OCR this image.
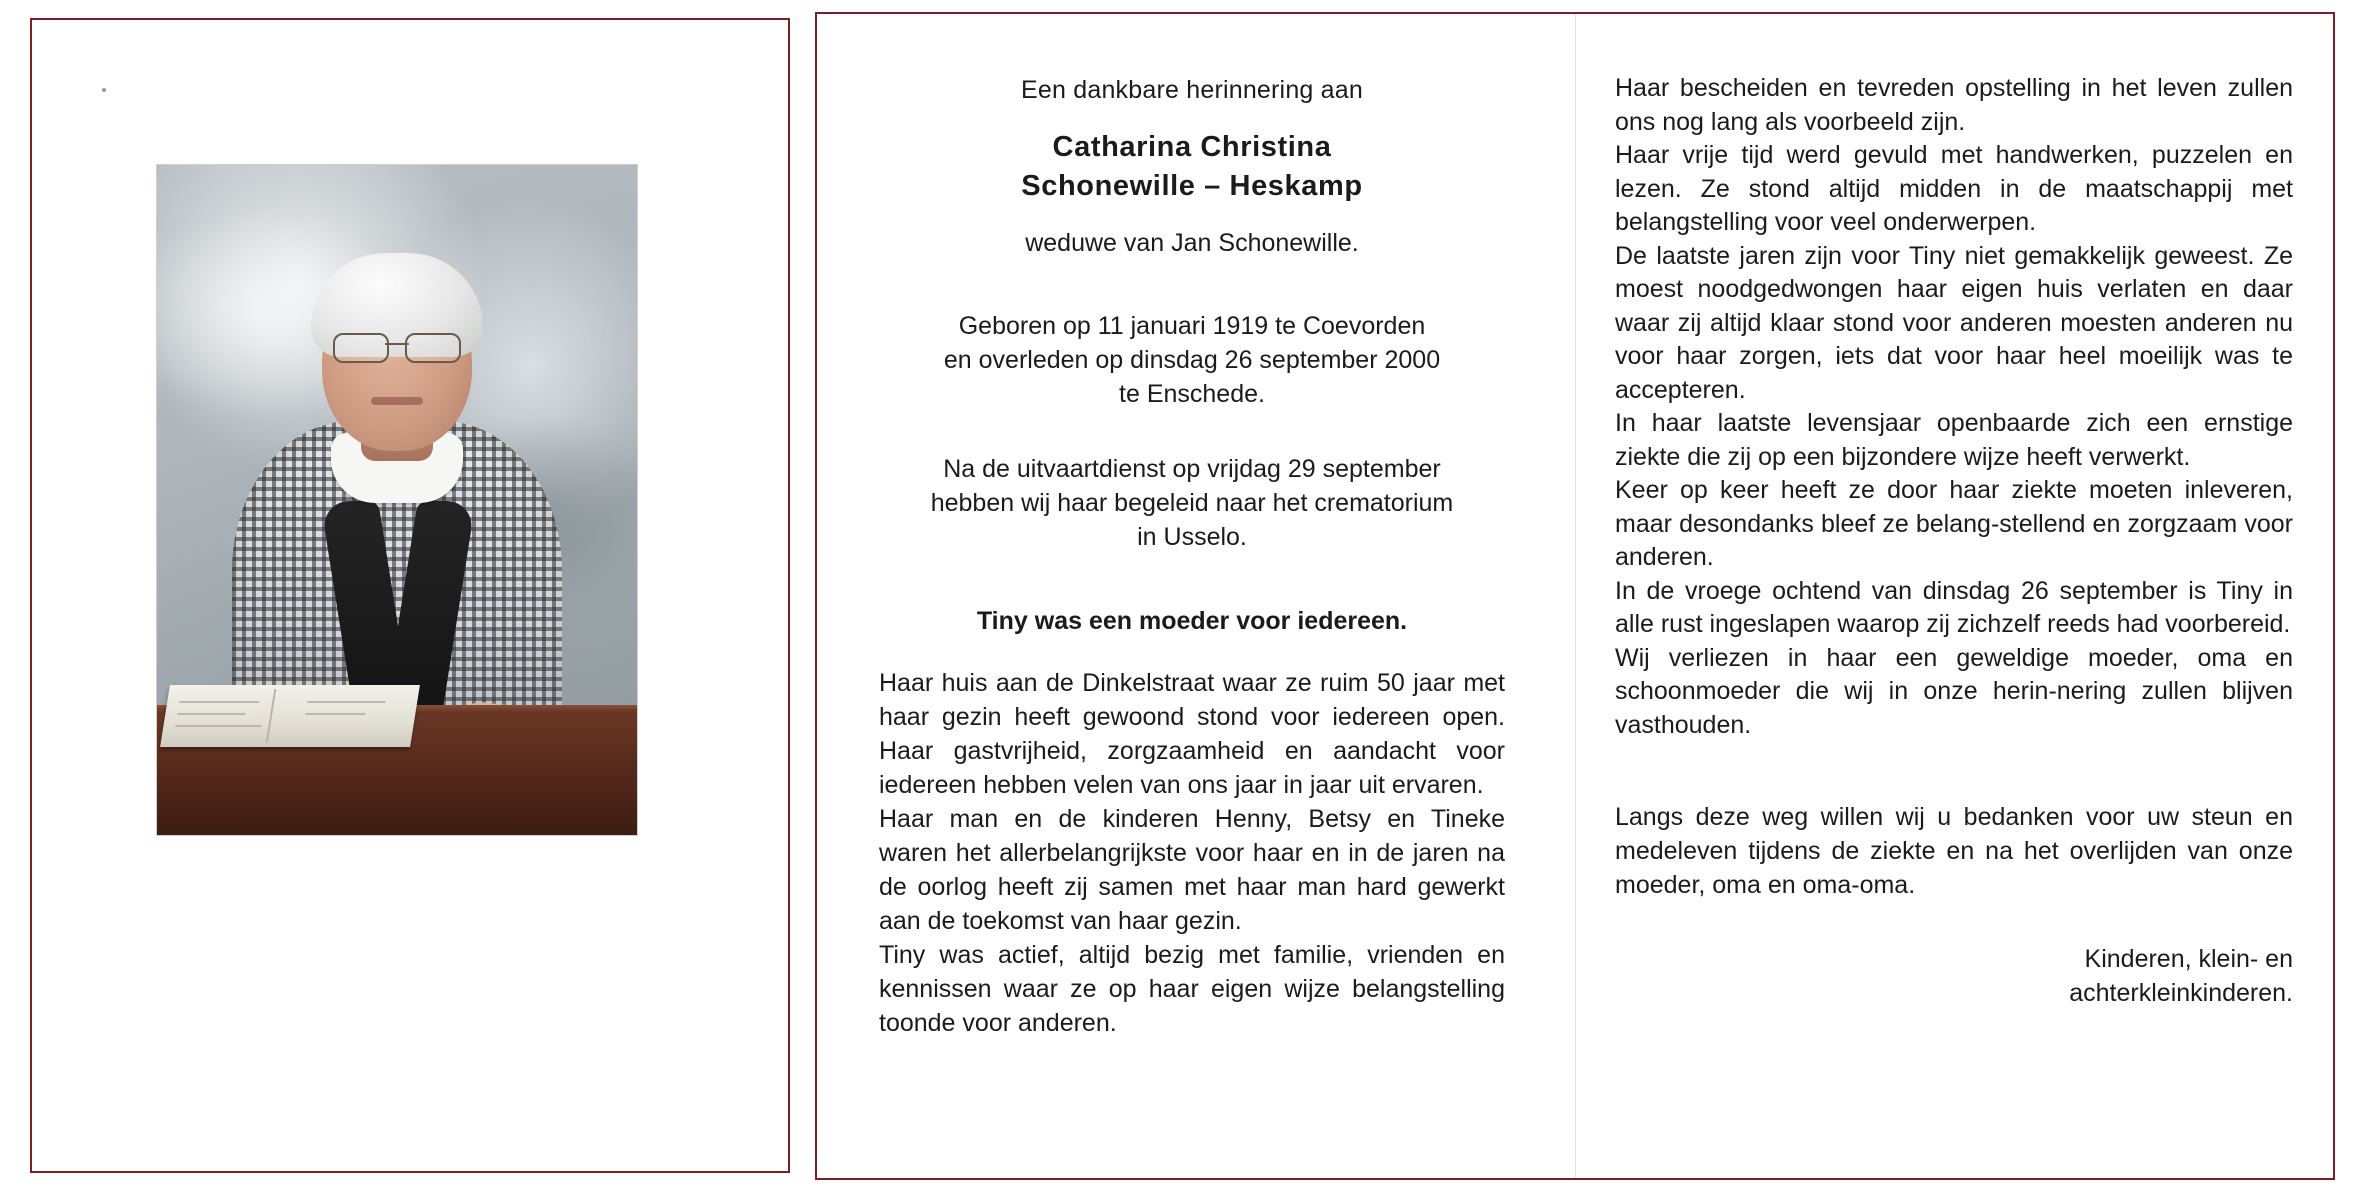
Een dankbare herinnering aan
Catharina Christina
Schonewille – Heskamp
weduwe van Jan Schonewille.

Geboren op 11 januari 1919 te Coevorden

en overleden op dinsdag 26 september 2000

te Enschede.

Na de uitvaartdienst op vrijdag 29 september

hebben wij haar begeleid naar het crematorium

in Usselo.

Tiny was een moeder voor iedereen.

Haar huis aan de Dinkelstraat waar ze ruim 50 jaar met haar gezin heeft gewoond stond voor iedereen open. Haar gastvrijheid, zorgzaamheid en aandacht voor iedereen hebben velen van ons jaar in jaar uit ervaren.

Haar man en de kinderen Henny, Betsy en Tineke waren het allerbelangrijkste voor haar en in de jaren na de oorlog heeft zij samen met haar man hard gewerkt aan de toekomst van haar gezin.

Tiny was actief, altijd bezig met familie, vrienden en kennissen waar ze op haar eigen wijze belangstelling toonde voor anderen.

Haar bescheiden en tevreden opstelling in het leven zullen ons nog lang als voorbeeld zijn.

Haar vrije tijd werd gevuld met handwerken, puzzelen en lezen. Ze stond altijd midden in de maatschappij met belangstelling voor veel onderwerpen.

De laatste jaren zijn voor Tiny niet gemakkelijk geweest. Ze moest noodgedwongen haar eigen huis verlaten en daar waar zij altijd klaar stond voor anderen moesten anderen nu voor haar zorgen, iets dat voor haar heel moeilijk was te accepteren.

In haar laatste levensjaar openbaarde zich een ernstige ziekte die zij op een bijzondere wijze heeft verwerkt.

Keer op keer heeft ze door haar ziekte moeten inleveren, maar desondanks bleef ze belang-stellend en zorgzaam voor anderen.

In de vroege ochtend van dinsdag 26 september is Tiny in alle rust ingeslapen waarop zij zichzelf reeds had voorbereid.

Wij verliezen in haar een geweldige moeder, oma en schoonmoeder die wij in onze herin-nering zullen blijven vasthouden.

Langs deze weg willen wij u bedanken voor uw steun en medeleven tijdens de ziekte en na het overlijden van onze moeder, oma en oma-oma.

Kinderen, klein- en

achterkleinkinderen.
